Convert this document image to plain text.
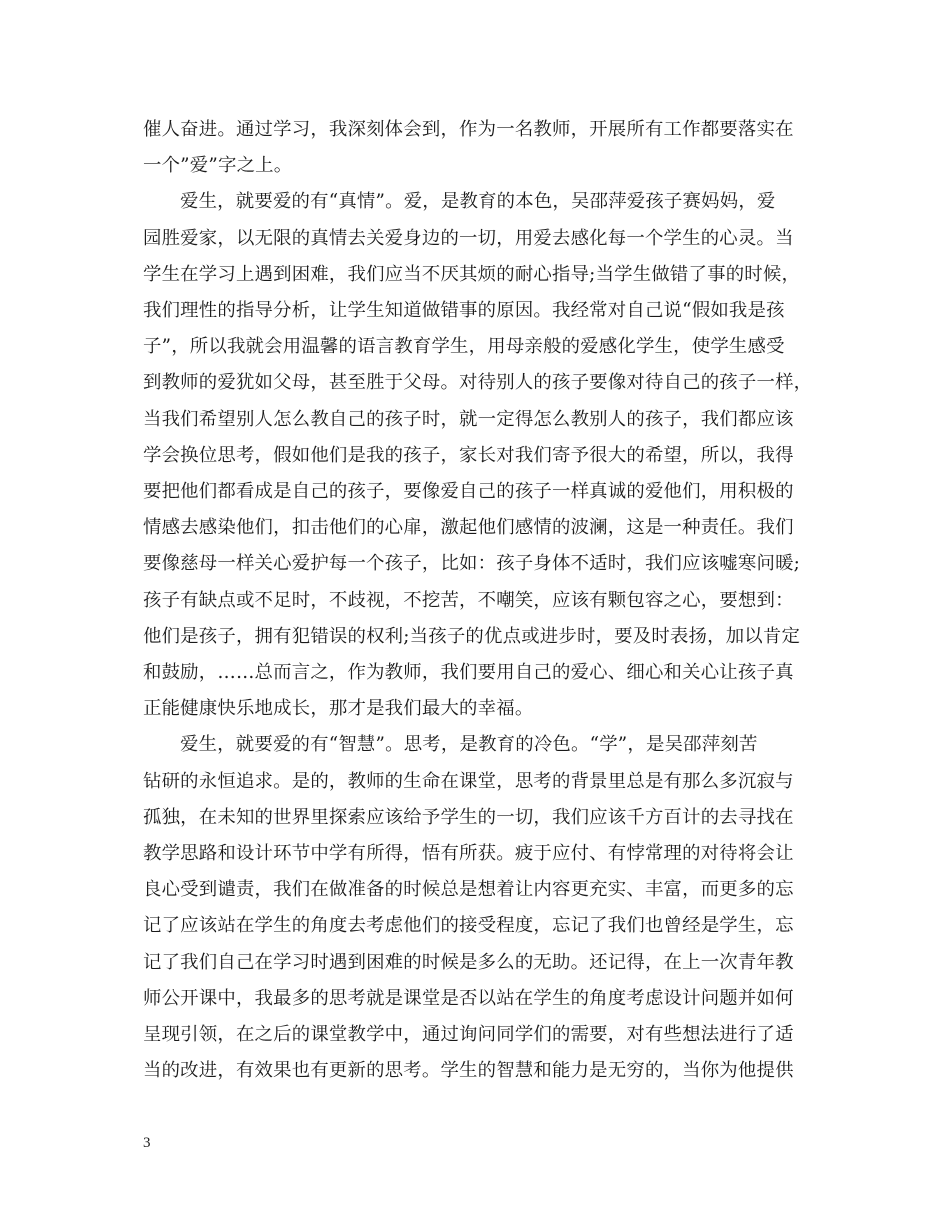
催人奋进。通过学习，我深刻体会到，作为一名教师，开展所有工作都要落实在
一个”爱”字之上。

爱生，就要爱的有“真情”。爱，是教育的本色，吴邵萍爱孩子赛妈妈，爱
园胜爱家，以无限的真情去关爱身边的一切，用爱去感化每一个学生的心灵。当
学生在学习上遇到困难，我们应当不厌其烦的耐心指导;当学生做错了事的时候，
我们理性的指导分析，让学生知道做错事的原因。我经常对自己说“假如我是孩
子”，所以我就会用温馨的语言教育学生，用母亲般的爱感化学生，使学生感受
到教师的爱犹如父母，甚至胜于父母。对待别人的孩子要像对待自己的孩子一样，
当我们希望别人怎么教自己的孩子时，就一定得怎么教别人的孩子，我们都应该
学会换位思考，假如他们是我的孩子，家长对我们寄予很大的希望，所以，我得
要把他们都看成是自己的孩子，要像爱自己的孩子一样真诚的爱他们，用积极的
情感去感染他们，扣击他们的心扉，激起他们感情的波澜，这是一种责任。我们
要像慈母一样关心爱护每一个孩子，比如：孩子身体不适时，我们应该嘘寒问暖;
孩子有缺点或不足时，不歧视，不挖苦，不嘲笑，应该有颗包容之心，要想到：
他们是孩子，拥有犯错误的权利;当孩子的优点或进步时，要及时表扬，加以肯定
和鼓励，……总而言之，作为教师，我们要用自己的爱心、细心和关心让孩子真
正能健康快乐地成长，那才是我们最大的幸福。

爱生，就要爱的有“智慧”。思考，是教育的冷色。“学”，是吴邵萍刻苦
钻研的永恒追求。是的，教师的生命在课堂，思考的背景里总是有那么多沉寂与
孤独，在未知的世界里探索应该给予学生的一切，我们应该千方百计的去寻找在
教学思路和设计环节中学有所得，悟有所获。疲于应付、有悖常理的对待将会让
良心受到谴责，我们在做准备的时候总是想着让内容更充实、丰富，而更多的忘
记了应该站在学生的角度去考虑他们的接受程度，忘记了我们也曾经是学生，忘
记了我们自己在学习时遇到困难的时候是多么的无助。还记得，在上一次青年教
师公开课中，我最多的思考就是课堂是否以站在学生的角度考虑设计问题并如何
呈现引领，在之后的课堂教学中，通过询问同学们的需要，对有些想法进行了适
当的改进，有效果也有更新的思考。学生的智慧和能力是无穷的，当你为他提供

3
